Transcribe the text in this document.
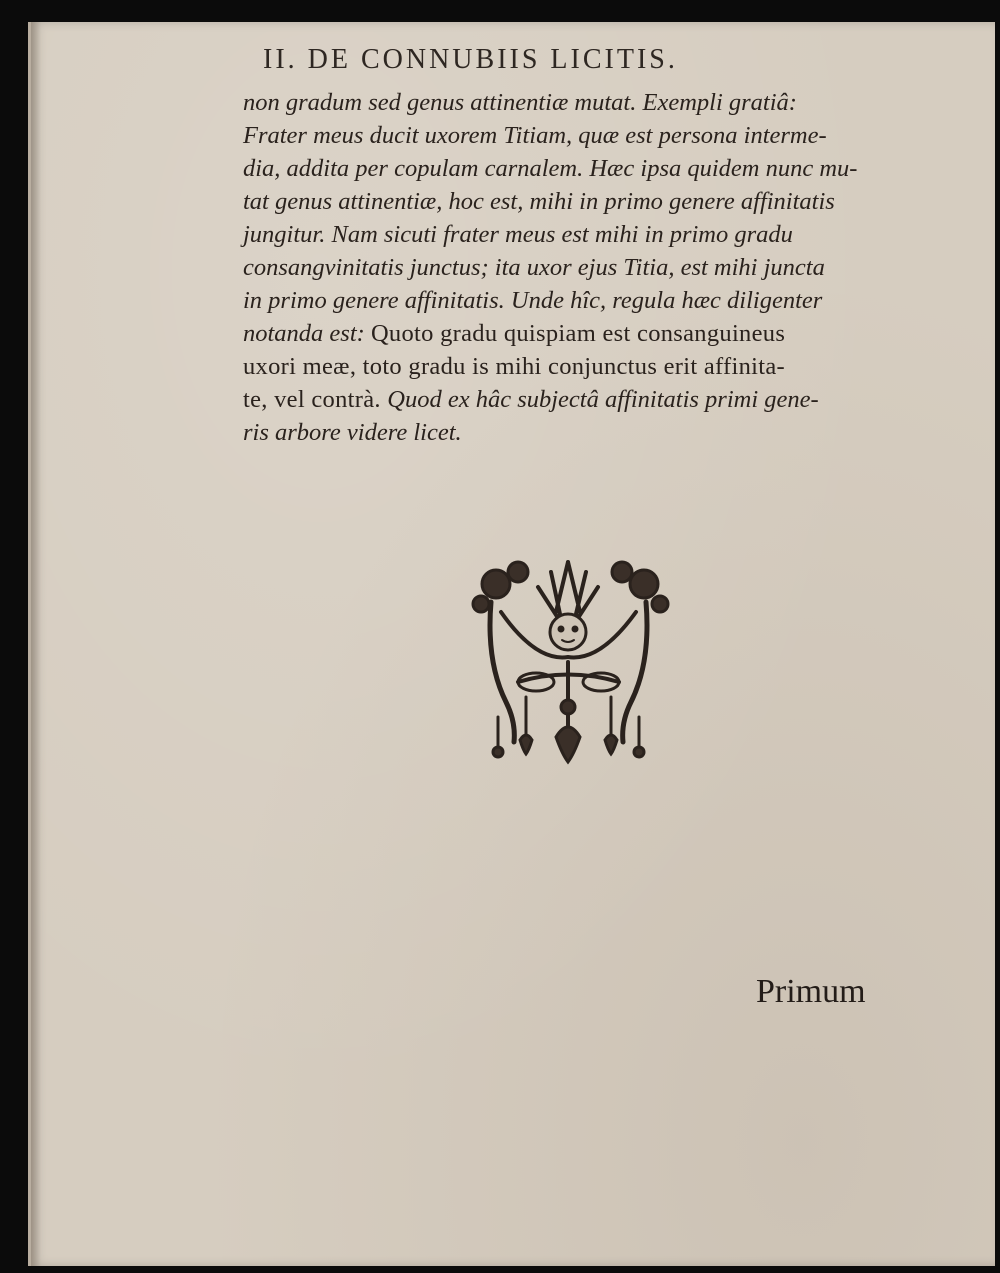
II. DE CONNUBIIS LICITIS.
non gradum sed genus attinentiæ mutat. Exempli gratiâ:
Frater meus ducit uxorem Titiam, quæ est persona interme-
dia, addita per copulam carnalem. Hæc ipsa quidem nunc mu-
tat genus attinentiæ, hoc est, mihi in primo genere affinitatis
jungitur. Nam sicuti frater meus est mihi in primo gradu
consangvinitatis junctus; ita uxor ejus Titia, est mihi juncta
in primo genere affinitatis. Unde hîc, regula hæc diligenter
notanda est: Quoto gradu quispiam est consanguineus
uxori meæ, toto gradu is mihi conjunctus erit affinita-
te, vel contrà. Quod ex hâc subjectâ affinitatis primi gene-
ris arbore videre licet.
Primum
